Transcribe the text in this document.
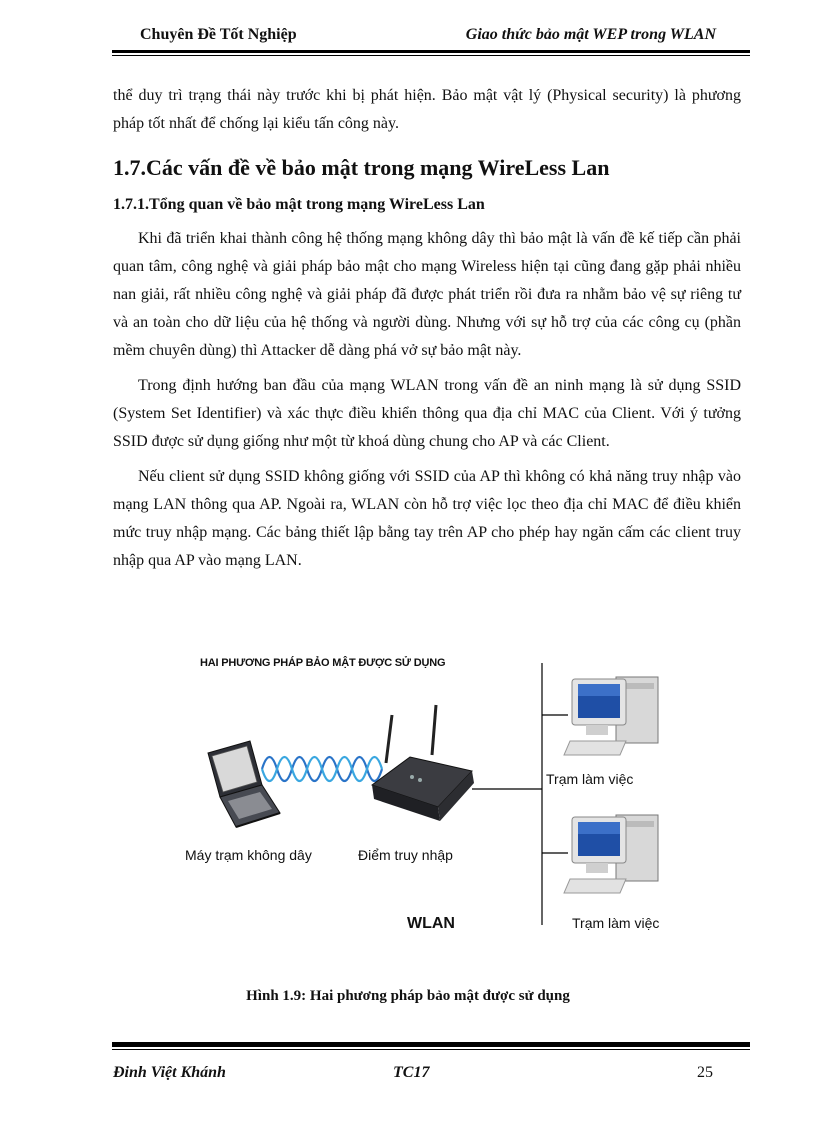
Chuyên Đề Tốt Nghiệp	Giao thức bảo mật WEP trong WLAN

thể duy trì trạng thái này trước khi bị phát hiện. Bảo mật vật lý (Physical security) là phương pháp tốt nhất để chống lại kiểu tấn công này.

1.7.Các vấn đề về bảo mật trong mạng WireLess Lan
1.7.1.Tổng quan về bảo mật trong mạng WireLess Lan

Khi đã triển khai thành công hệ thống mạng không dây thì bảo mật là vấn đề kế tiếp cần phải quan tâm, công nghệ và giải pháp bảo mật cho mạng Wireless hiện tại cũng đang gặp phải nhiều nan giải, rất nhiều công nghệ và giải pháp đã được phát triển rồi đưa ra nhằm bảo vệ sự riêng tư và an toàn cho dữ liệu của hệ thống và người dùng. Nhưng với sự hỗ trợ của các công cụ (phần mềm chuyên dùng) thì Attacker dễ dàng phá vở sự bảo mật này.

Trong định hướng ban đầu của mạng WLAN trong vấn đề an ninh mạng là sử dụng SSID (System Set Identifier) và xác thực điều khiển thông qua địa chỉ MAC của Client. Với ý tưởng SSID được sử dụng giống như một từ khoá dùng chung cho AP và các Client.

Nếu client sử dụng SSID không giống với SSID của AP thì không có khả năng truy nhập vào mạng LAN thông qua AP. Ngoài ra, WLAN còn hỗ trợ việc lọc theo địa chỉ MAC để điều khiển mức truy nhập mạng. Các bảng thiết lập bằng tay trên AP cho phép hay ngăn cấm các client truy nhập qua AP vào mạng LAN.

HAI PHƯƠNG PHÁP BẢO MẬT ĐƯỢC SỬ DỤNG
Máy trạm không dây	Điểm truy nhập
Trạm làm việc
Trạm làm việc
WLAN
Hình 1.9: Hai phương pháp bảo mật được sử dụng
Đinh Việt Khánh	TC17	25
